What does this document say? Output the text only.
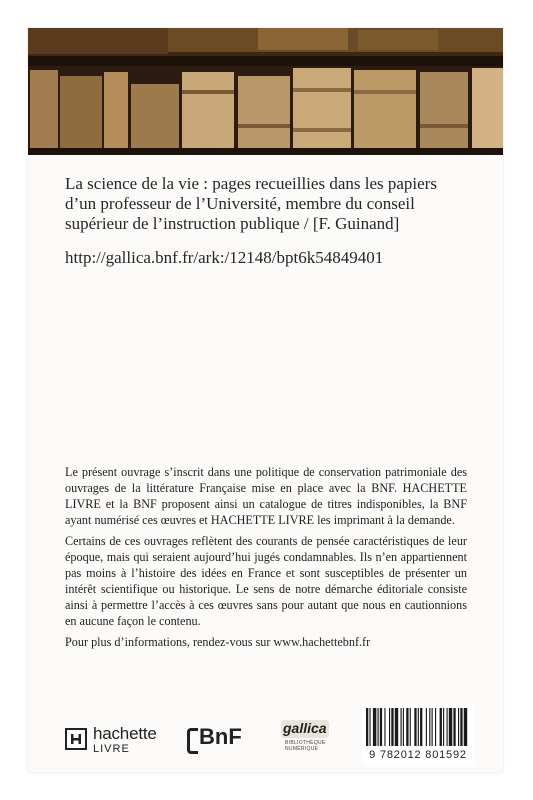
La science de la vie : pages recueillies dans les papiers d’un professeur de l’Université, membre du conseil supérieur de l’instruction publique / [F. Guinand]
http://gallica.bnf.fr/ark:/12148/bpt6k54849401

Le présent ouvrage s’inscrit dans une politique de conservation patrimoniale des ouvrages de la littérature Française mise en place avec la BNF. HACHETTE LIVRE et la BNF proposent ainsi un catalogue de titres indisponibles, la BNF ayant numérisé ces œuvres et HACHETTE LIVRE les imprimant à la demande.

Certains de ces ouvrages reflètent des courants de pensée caractéristiques de leur époque, mais qui seraient aujourd’hui jugés condamnables. Ils n’en appartiennent pas moins à l’histoire des idées en France et sont susceptibles de présenter un intérêt scientifique ou historique. Le sens de notre démarche éditoriale consiste ainsi à permettre l’accès à ces œuvres sans pour autant que nous en cautionnions en aucune façon le contenu.

Pour plus d’informations, rendez-vous sur www.hachettebnf.fr

hachette
LIVRE	BnF	gallica
BIBLIOTHÈQUE
NUMÉRIQUE	9 782012 801592
